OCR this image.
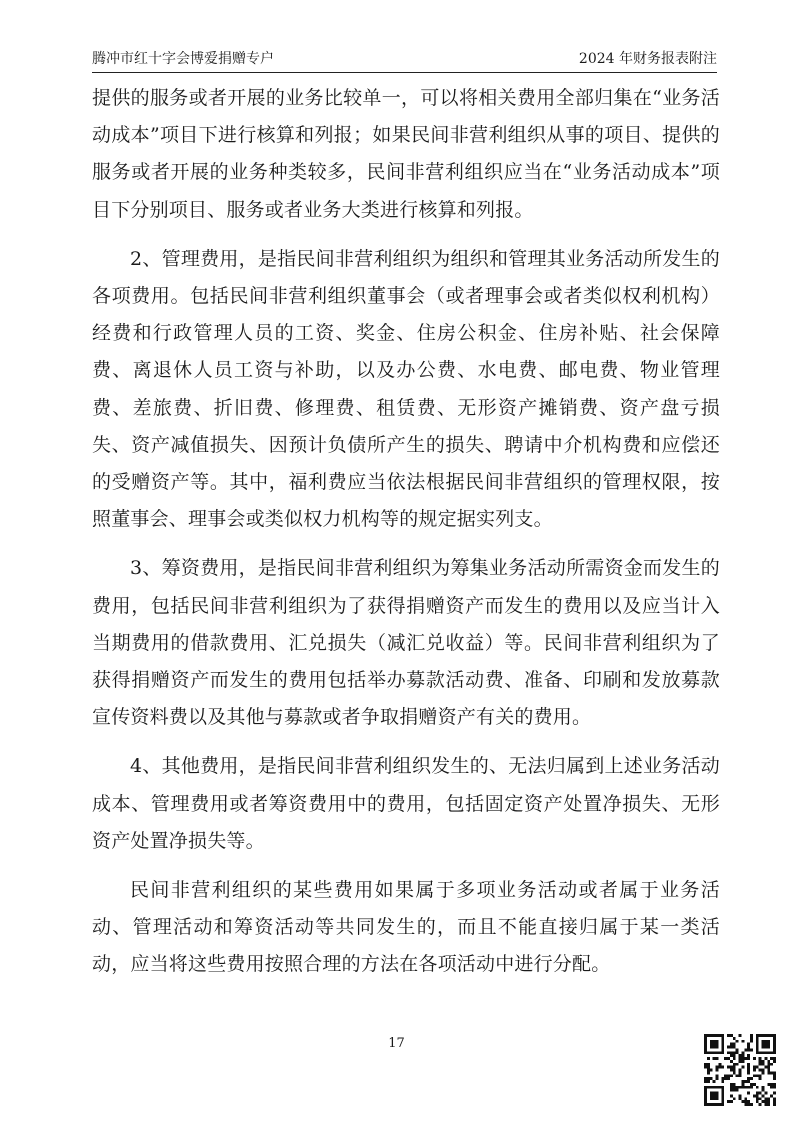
腾冲市红十字会博爱捐赠专户	2024 年财务报表附注

提供的服务或者开展的业务比较单一，可以将相关费用全部归集在“业务活动成本”项目下进行核算和列报；如果民间非营利组织从事的项目、提供的服务或者开展的业务种类较多，民间非营利组织应当在“业务活动成本”项目下分别项目、服务或者业务大类进行核算和列报。

2、管理费用，是指民间非营利组织为组织和管理其业务活动所发生的各项费用。包括民间非营利组织董事会（或者理事会或者类似权利机构）经费和行政管理人员的工资、奖金、住房公积金、住房补贴、社会保障费、离退休人员工资与补助，以及办公费、水电费、邮电费、物业管理费、差旅费、折旧费、修理费、租赁费、无形资产摊销费、资产盘亏损失、资产减值损失、因预计负债所产生的损失、聘请中介机构费和应偿还的受赠资产等。其中，福利费应当依法根据民间非营组织的管理权限，按照董事会、理事会或类似权力机构等的规定据实列支。

3、筹资费用，是指民间非营利组织为筹集业务活动所需资金而发生的费用，包括民间非营利组织为了获得捐赠资产而发生的费用以及应当计入当期费用的借款费用、汇兑损失（减汇兑收益）等。民间非营利组织为了获得捐赠资产而发生的费用包括举办募款活动费、准备、印刷和发放募款宣传资料费以及其他与募款或者争取捐赠资产有关的费用。

4、其他费用，是指民间非营利组织发生的、无法归属到上述业务活动成本、管理费用或者筹资费用中的费用，包括固定资产处置净损失、无形资产处置净损失等。

民间非营利组织的某些费用如果属于多项业务活动或者属于业务活动、管理活动和筹资活动等共同发生的，而且不能直接归属于某一类活动，应当将这些费用按照合理的方法在各项活动中进行分配。

17
